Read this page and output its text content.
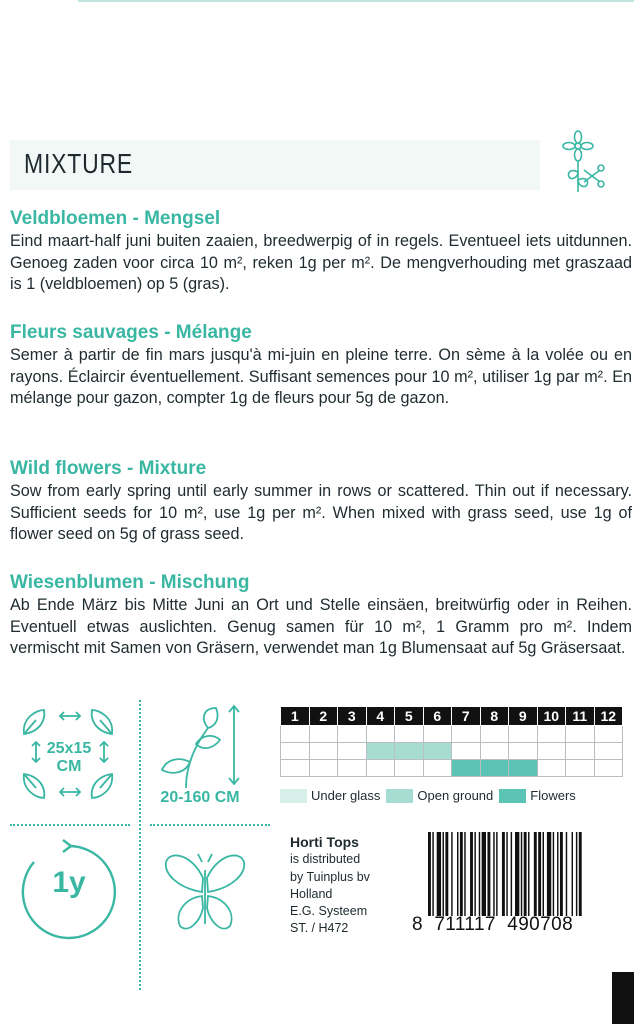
MIXTURE
Veldbloemen - Mengsel

Eind maart-half juni buiten zaaien, breedwerpig of in regels. Eventueel iets uitdunnen. Genoeg zaden voor circa 10 m², reken 1g per m². De mengverhouding met graszaad is 1 (veldbloemen) op 5 (gras).

Fleurs sauvages - Mélange

Semer à partir de fin mars jusqu'à mi-juin en pleine terre. On sème à la volée ou en rayons. Éclaircir éventuellement. Suffisant semences pour 10 m², utiliser 1g par m². En mélange pour gazon, compter 1g de fleurs pour 5g de gazon.

Wild flowers - Mixture

Sow from early spring until early summer in rows or scattered. Thin out if necessary. Sufficient seeds for 10 m², use 1g per m². When mixed with grass seed, use 1g of flower seed on 5g of grass seed.

Wiesenblumen - Mischung

Ab Ende März bis Mitte Juni an Ort und Stelle einsäen, breitwürfig oder in Reihen. Eventuell etwas auslichten. Genug samen für 10 m², 1 Gramm pro m². Indem vermischt mit Samen von Gräsern, verwendet man 1g Blumensaat auf 5g Gräsersaat.

25x15
CM
20-160 CM
1y
1	2	3	4	5	6	7	8	9	10	11	12

Under glass	Open ground	Flowers
Horti Tops
is distributed
by Tuinplus bv
Holland
E.G. Systeem
ST. / H472	8  711117  490708
